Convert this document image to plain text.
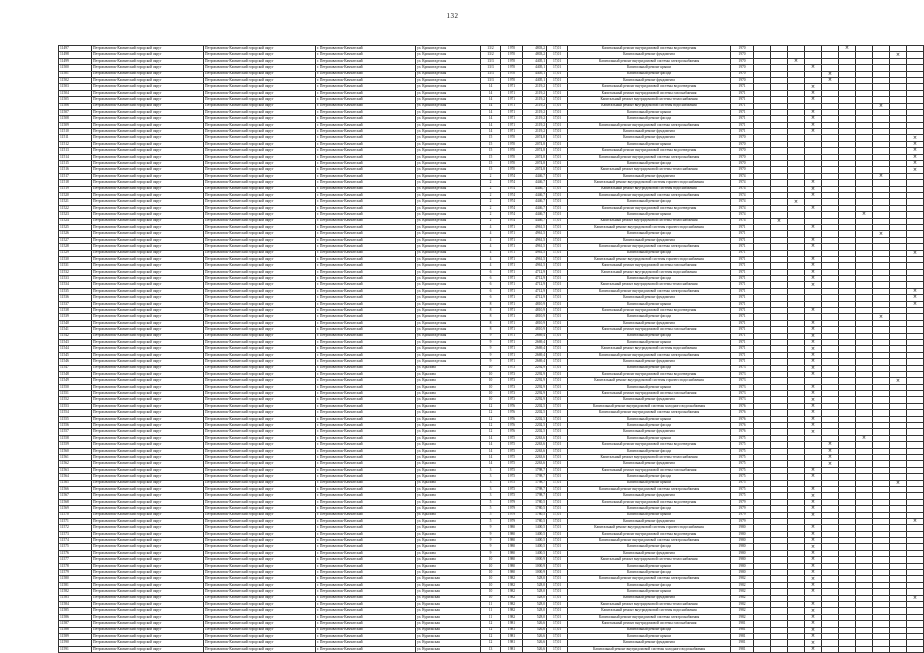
132
11497	Петропавловск-Камчатский городской округ	Петропавловск-Камчатский городской округ	г. Петропавловск-Камчатский	ул. Кронштадтская	13/2	1970	4803,2	17,01	Капитальный ремонт внутридомовой системы водоотведения	1970						×				
11498	Петропавловск-Камчатский городской округ	Петропавловск-Камчатский городской округ	г. Петропавловск-Камчатский	ул. Кронштадтская	13/2	1970	4803,2	17,01	Капитальный ремонт фундамента	1970									×	
11499	Петропавловск-Камчатский городской округ	Петропавловск-Камчатский городской округ	г. Петропавловск-Камчатский	ул. Кронштадтская	13/3	1970	4405,1	17,01	Капитальный ремонт внутридомовой системы электроснабжения	1970			×							
11500	Петропавловск-Камчатский городской округ	Петропавловск-Камчатский городской округ	г. Петропавловск-Камчатский	ул. Кронштадтская	13/3	1970	4405,1	17,01	Капитальный ремонт крыши	1970				×						
11501	Петропавловск-Камчатский городской округ	Петропавловск-Камчатский городской округ	г. Петропавловск-Камчатский	ул. Кронштадтская	13/3	1970	4405,1	17,01	Капитальный ремонт фасада	1970					×					
11502	Петропавловск-Камчатский городской округ	Петропавловск-Камчатский городской округ	г. Петропавловск-Камчатский	ул. Кронштадтская	13/3	1970	4405,1	17,01	Капитальный ремонт фундамента	1970					×					
11503	Петропавловск-Камчатский городской округ	Петропавловск-Камчатский городской округ	г. Петропавловск-Камчатский	ул. Кронштадтская	14	1971	2119,2	17,01	Капитальный ремонт внутридомовой системы водоотведения	1971				×						
11504	Петропавловск-Камчатский городской округ	Петропавловск-Камчатский городской округ	г. Петропавловск-Камчатский	ул. Кронштадтская	14	1971	2119,2	17,01	Капитальный ремонт внутридомовой системы газоснабжения	1971				×						
11505	Петропавловск-Камчатский городской округ	Петропавловск-Камчатский городской округ	г. Петропавловск-Камчатский	ул. Кронштадтская	14	1971	2119,2	17,01	Капитальный ремонт внутридомовой системы теплоснабжения	1971				×						
11506	Петропавловск-Камчатский городской округ	Петропавловск-Камчатский городской округ	г. Петропавловск-Камчатский	ул. Кронштадтская	14	1971	2119,2	17,01	Капитальный ремонт внутридомовой системы водоснабжения	1971								×		
11507	Петропавловск-Камчатский городской округ	Петропавловск-Камчатский городской округ	г. Петропавловск-Камчатский	ул. Кронштадтская	14	1971	2119,2	17,01	Капитальный ремонт крыши	1971				×						
11508	Петропавловск-Камчатский городской округ	Петропавловск-Камчатский городской округ	г. Петропавловск-Камчатский	ул. Кронштадтская	14	1971	2119,2	17,01	Капитальный ремонт фасада	1971				×						
11509	Петропавловск-Камчатский городской округ	Петропавловск-Камчатский городской округ	г. Петропавловск-Камчатский	ул. Кронштадтская	14	1971	2119,2	17,01	Капитальный ремонт внутридомовой системы электроснабжения	1971				×						
11510	Петропавловск-Камчатский городской округ	Петропавловск-Камчатский городской округ	г. Петропавловск-Камчатский	ул. Кронштадтская	14	1971	2119,2	17,01	Капитальный ремонт фундамента	1971				×						
11511	Петропавловск-Камчатский городской округ	Петропавловск-Камчатский городской округ	г. Петропавловск-Камчатский	ул. Кронштадтская	15	1970	2074,8	17,01	Капитальный ремонт фундамента	1970										×
11512	Петропавловск-Камчатский городской округ	Петропавловск-Камчатский городской округ	г. Петропавловск-Камчатский	ул. Кронштадтская	15	1970	2074,8	17,01	Капитальный ремонт крыши	1970										×
11513	Петропавловск-Камчатский городской округ	Петропавловск-Камчатский городской округ	г. Петропавловск-Камчатский	ул. Кронштадтская	15	1970	2074,8	17,01	Капитальный ремонт внутридомовой системы водоотведения	1970										×
11514	Петропавловск-Камчатский городской округ	Петропавловск-Камчатский городской округ	г. Петропавловск-Камчатский	ул. Кронштадтская	15	1970	2074,8	17,01	Капитальный ремонт внутридомовой системы электроснабжения	1970										×
11515	Петропавловск-Камчатский городской округ	Петропавловск-Камчатский городской округ	г. Петропавловск-Камчатский	ул. Кронштадтская	15	1970	2074,8	17,01	Капитальный ремонт фасада	1970										×
11516	Петропавловск-Камчатский городской округ	Петропавловск-Камчатский городской округ	г. Петропавловск-Камчатский	ул. Кронштадтская	15	1970	2074,8	17,01	Капитальный ремонт внутридомовой системы теплоснабжения	1970										×
11517	Петропавловск-Камчатский городской округ	Петропавловск-Камчатский городской округ	г. Петропавловск-Камчатский	ул. Кронштадтская	2	1974	4446,7	17,01	Капитальный ремонт фундамента	1974								×		
11518	Петропавловск-Камчатский городской округ	Петропавловск-Камчатский городской округ	г. Петропавловск-Камчатский	ул. Кронштадтская	2	1974	4446,7	17,01	Капитальный ремонт внутридомовой системы горячего водоснабжения	1974				×						
11519	Петропавловск-Камчатский городской округ	Петропавловск-Камчатский городской округ	г. Петропавловск-Камчатский	ул. Кронштадтская	2	1974	4446,7	17,01	Капитальный ремонт внутридомовой системы водоснабжения	1974				×						
11520	Петропавловск-Камчатский городской округ	Петропавловск-Камчатский городской округ	г. Петропавловск-Камчатский	ул. Кронштадтская	2	1974	4446,7	17,01	Капитальный ремонт внутридомовой системы электроснабжения	1974				×						
11521	Петропавловск-Камчатский городской округ	Петропавловск-Камчатский городской округ	г. Петропавловск-Камчатский	ул. Кронштадтская	2	1974	4446,7	17,01	Капитальный ремонт фасада	1974			×							
11522	Петропавловск-Камчатский городской округ	Петропавловск-Камчатский городской округ	г. Петропавловск-Камчатский	ул. Кронштадтская	2	1974	4446,7	17,01	Капитальный ремонт внутридомовой системы водоотведения	1974				×						
11523	Петропавловск-Камчатский городской округ	Петропавловск-Камчатский городской округ	г. Петропавловск-Камчатский	ул. Кронштадтская	2	1974	4446,7	17,01	Капитальный ремонт крыши	1974							×			
11524	Петропавловск-Камчатский городской округ	Петропавловск-Камчатский городской округ	г. Петропавловск-Камчатский	ул. Кронштадтская	2	1974	4446,7	17,01	Капитальный ремонт внутридомовой системы теплоснабжения	1974		×								
11525	Петропавловск-Камчатский городской округ	Петропавловск-Камчатский городской округ	г. Петропавловск-Камчатский	ул. Кронштадтская	4	1971	4961,5	17,01	Капитальный ремонт внутридомовой системы горячего водоснабжения	1971				×						
11526	Петропавловск-Камчатский городской округ	Петропавловск-Камчатский городской округ	г. Петропавловск-Камчатский	ул. Кронштадтская	4	1971	4961,5	17,01	Капитальный ремонт фасада	1971								×		
11527	Петропавловск-Камчатский городской округ	Петропавловск-Камчатский городской округ	г. Петропавловск-Камчатский	ул. Кронштадтская	4	1971	4961,5	17,01	Капитальный ремонт фундамента	1971				×						
11528	Петропавловск-Камчатский городской округ	Петропавловск-Камчатский городской округ	г. Петропавловск-Камчатский	ул. Кронштадтская	4	1971	4961,5	17,01	Капитальный ремонт внутридомовой системы электроснабжения	1971				×						
11529	Петропавловск-Камчатский городской округ	Петропавловск-Камчатский городской округ	г. Петропавловск-Камчатский	ул. Кронштадтская	4	1971	4961,5	17,01	Капитальный ремонт фасада	1971										×
11530	Петропавловск-Камчатский городской округ	Петропавловск-Камчатский городской округ	г. Петропавловск-Камчатский	ул. Кронштадтская	4	1971	4961,5	17,01	Капитальный ремонт внутридомовой системы горячего водоснабжения	1971				×						
11531	Петропавловск-Камчатский городской округ	Петропавловск-Камчатский городской округ	г. Петропавловск-Камчатский	ул. Кронштадтская	4	1971	4961,5	17,01	Капитальный ремонт внутридомовой системы газоснабжения	1971				×						
11532	Петропавловск-Камчатский городской округ	Петропавловск-Камчатский городской округ	г. Петропавловск-Камчатский	ул. Кронштадтская	6	1971	4712,9	17,01	Капитальный ремонт внутридомовой системы водоснабжения	1971				×						
11533	Петропавловск-Камчатский городской округ	Петропавловск-Камчатский городской округ	г. Петропавловск-Камчатский	ул. Кронштадтская	6	1971	4712,9	17,01	Капитальный ремонт фасада	1971				×						
11534	Петропавловск-Камчатский городской округ	Петропавловск-Камчатский городской округ	г. Петропавловск-Камчатский	ул. Кронштадтская	6	1971	4712,9	17,01	Капитальный ремонт внутридомовой системы теплоснабжения	1971				×						
11535	Петропавловск-Камчатский городской округ	Петропавловск-Камчатский городской округ	г. Петропавловск-Камчатский	ул. Кронштадтская	6	1971	4712,9	17,01	Капитальный ремонт внутридомовой системы электроснабжения	1971										×
11536	Петропавловск-Камчатский городской округ	Петропавловск-Камчатский городской округ	г. Петропавловск-Камчатский	ул. Кронштадтская	6	1971	4712,9	17,01	Капитальный ремонт фундамента	1971										×
11537	Петропавловск-Камчатский городской округ	Петропавловск-Камчатский городской округ	г. Петропавловск-Камчатский	ул. Кронштадтская	8	1971	4810,9	17,01	Капитальный ремонт крыши	1971										×
11538	Петропавловск-Камчатский городской округ	Петропавловск-Камчатский городской округ	г. Петропавловск-Камчатский	ул. Кронштадтская	8	1971	4810,9	17,01	Капитальный ремонт внутридомовой системы водоотведения	1971				×						
11539	Петропавловск-Камчатский городской округ	Петропавловск-Камчатский городской округ	г. Петропавловск-Камчатский	ул. Кронштадтская	8	1971	4810,9	17,01	Капитальный ремонт фасада	1971								×		
11540	Петропавловск-Камчатский городской округ	Петропавловск-Камчатский городской округ	г. Петропавловск-Камчатский	ул. Кронштадтская	8	1971	4810,9	17,01	Капитальный ремонт фундамента	1971				×						
11541	Петропавловск-Камчатский городской округ	Петропавловск-Камчатский городской округ	г. Петропавловск-Камчатский	ул. Кронштадтская	8	1971	4810,9	17,01	Капитальный ремонт внутридомовой системы газоснабжения	1971				×						
11542	Петропавловск-Камчатский городской округ	Петропавловск-Камчатский городской округ	г. Петропавловск-Камчатский	ул. Кронштадтская	9	1971	2669,4	17,01	Капитальный ремонт фасада	1971				×						
11543	Петропавловск-Камчатский городской округ	Петропавловск-Камчатский городской округ	г. Петропавловск-Камчатский	ул. Кронштадтская	9	1971	2669,4	17,01	Капитальный ремонт крыши	1971				×						
11544	Петропавловск-Камчатский городской округ	Петропавловск-Камчатский городской округ	г. Петропавловск-Камчатский	ул. Кронштадтская	9	1971	2669,4	17,01	Капитальный ремонт внутридомовой системы водоснабжения	1971				×						
11545	Петропавловск-Камчатский городской округ	Петропавловск-Камчатский городской округ	г. Петропавловск-Камчатский	ул. Кронштадтская	9	1971	2669,4	17,01	Капитальный ремонт внутридомовой системы электроснабжения	1971				×						
11546	Петропавловск-Камчатский городской округ	Петропавловск-Камчатский городской округ	г. Петропавловск-Камчатский	ул. Кронштадтская	9	1971	2669,4	17,01	Капитальный ремонт фундамента	1971				×						
11547	Петропавловск-Камчатский городской округ	Петропавловск-Камчатский городской округ	г. Петропавловск-Камчатский	ул. Крылова	10	1973	2292,9	17,01	Капитальный ремонт фасада	1973				×						
11548	Петропавловск-Камчатский городской округ	Петропавловск-Камчатский городской округ	г. Петропавловск-Камчатский	ул. Крылова	10	1973	2292,9	17,01	Капитальный ремонт внутридомовой системы водоотведения	1973				×						
11549	Петропавловск-Камчатский городской округ	Петропавловск-Камчатский городской округ	г. Петропавловск-Камчатский	ул. Крылова	10	1973	2292,9	17,01	Капитальный ремонт внутридомовой системы горячего водоснабжения	1973									×	
11550	Петропавловск-Камчатский городской округ	Петропавловск-Камчатский городской округ	г. Петропавловск-Камчатский	ул. Крылова	10	1973	2292,9	17,01	Капитальный ремонт крыши	1973				×						
11551	Петропавловск-Камчатский городской округ	Петропавловск-Камчатский городской округ	г. Петропавловск-Камчатский	ул. Крылова	10	1973	2292,9	17,01	Капитальный ремонт внутридомовой системы газоснабжения	1973				×						
11552	Петропавловск-Камчатский городской округ	Петропавловск-Камчатский городской округ	г. Петропавловск-Камчатский	ул. Крылова	10	1973	2292,9	17,01	Капитальный ремонт фундамента	1973				×						
11553	Петропавловск-Камчатский городской округ	Петропавловск-Камчатский городской округ	г. Петропавловск-Камчатский	ул. Крылова	12	1976	2202,5	17,01	Капитальный ремонт внутридомовой системы холодного водоснабжения	1976				×						
11554	Петропавловск-Камчатский городской округ	Петропавловск-Камчатский городской округ	г. Петропавловск-Камчатский	ул. Крылова	12	1976	2202,5	17,01	Капитальный ремонт внутридомовой системы электроснабжения	1976				×						
11555	Петропавловск-Камчатский городской округ	Петропавловск-Камчатский городской округ	г. Петропавловск-Камчатский	ул. Крылова	12	1976	2202,5	17,01	Капитальный ремонт крыши	1976				×						
11556	Петропавловск-Камчатский городской округ	Петропавловск-Камчатский городской округ	г. Петропавловск-Камчатский	ул. Крылова	12	1976	2202,5	17,01	Капитальный ремонт фасада	1976				×						
11557	Петропавловск-Камчатский городской округ	Петропавловск-Камчатский городской округ	г. Петропавловск-Камчатский	ул. Крылова	12	1976	2202,5	17,01	Капитальный ремонт фундамента	1976				×						
11558	Петропавловск-Камчатский городской округ	Петропавловск-Камчатский городской округ	г. Петропавловск-Камчатский	ул. Крылова	14	1975	2263,6	17,01	Капитальный ремонт крыши	1975							×			
11559	Петропавловск-Камчатский городской округ	Петропавловск-Камчатский городской округ	г. Петропавловск-Камчатский	ул. Крылова	14	1975	2263,6	17,01	Капитальный ремонт внутридомовой системы водоотведения	1975					×					
11560	Петропавловск-Камчатский городской округ	Петропавловск-Камчатский городской округ	г. Петропавловск-Камчатский	ул. Крылова	14	1975	2263,6	17,01	Капитальный ремонт фасада	1975					×					
11561	Петропавловск-Камчатский городской округ	Петропавловск-Камчатский городской округ	г. Петропавловск-Камчатский	ул. Крылова	14	1975	2263,6	17,01	Капитальный ремонт внутридомовой системы теплоснабжения	1975					×					
11562	Петропавловск-Камчатский городской округ	Петропавловск-Камчатский городской округ	г. Петропавловск-Камчатский	ул. Крылова	14	1975	2263,6	17,01	Капитальный ремонт фундамента	1975					×					
11563	Петропавловск-Камчатский городской округ	Петропавловск-Камчатский городской округ	г. Петропавловск-Камчатский	ул. Крылова	3	1975	1798,7	17,01	Капитальный ремонт внутридомовой системы газоснабжения	1975				×						
11564	Петропавловск-Камчатский городской округ	Петропавловск-Камчатский городской округ	г. Петропавловск-Камчатский	ул. Крылова	3	1975	1798,7	17,01	Капитальный ремонт фасада	1975				×						
11565	Петропавловск-Камчатский городской округ	Петропавловск-Камчатский городской округ	г. Петропавловск-Камчатский	ул. Крылова	3	1975	1798,7	17,01	Капитальный ремонт крыши	1975									×	
11566	Петропавловск-Камчатский городской округ	Петропавловск-Камчатский городской округ	г. Петропавловск-Камчатский	ул. Крылова	3	1975	1798,7	17,01	Капитальный ремонт внутридомовой системы электроснабжения	1975				×						
11567	Петропавловск-Камчатский городской округ	Петропавловск-Камчатский городской округ	г. Петропавловск-Камчатский	ул. Крылова	3	1975	1798,7	17,01	Капитальный ремонт фундамента	1975				×						
11568	Петропавловск-Камчатский городской округ	Петропавловск-Камчатский городской округ	г. Петропавловск-Камчатский	ул. Крылова	5	1979	1780,5	17,01	Капитальный ремонт внутридомовой системы водоотведения	1979				×						
11569	Петропавловск-Камчатский городской округ	Петропавловск-Камчатский городской округ	г. Петропавловск-Камчатский	ул. Крылова	5	1979	1780,5	17,01	Капитальный ремонт фасада	1979				×						
11570	Петропавловск-Камчатский городской округ	Петропавловск-Камчатский городской округ	г. Петропавловск-Камчатский	ул. Крылова	5	1979	1780,5	17,01	Капитальный ремонт крыши	1979				×						
11571	Петропавловск-Камчатский городской округ	Петропавловск-Камчатский городской округ	г. Петропавловск-Камчатский	ул. Крылова	5	1979	1780,5	17,01	Капитальный ремонт фундамента	1979										×
11572	Петропавловск-Камчатский городской округ	Петропавловск-Камчатский городской округ	г. Петропавловск-Камчатский	ул. Крылова	9	1980	1400,5	17,01	Капитальный ремонт внутридомовой системы горячего водоснабжения	1980				×						
11573	Петропавловск-Камчатский городской округ	Петропавловск-Камчатский городской округ	г. Петропавловск-Камчатский	ул. Крылова	9	1980	1400,5	17,01	Капитальный ремонт внутридомовой системы водоотведения	1980				×						
11574	Петропавловск-Камчатский городской округ	Петропавловск-Камчатский городской округ	г. Петропавловск-Камчатский	ул. Крылова	9	1980	1400,5	17,01	Капитальный ремонт внутридомовой системы электроснабжения	1980				×						
11575	Петропавловск-Камчатский городской округ	Петропавловск-Камчатский городской округ	г. Петропавловск-Камчатский	ул. Крылова	9	1980	1400,5	17,01	Капитальный ремонт фасада	1980				×						
11576	Петропавловск-Камчатский городской округ	Петропавловск-Камчатский городской округ	г. Петропавловск-Камчатский	ул. Крылова	9	1980	1400,5	17,01	Капитальный ремонт фундамента	1980				×						
11577	Петропавловск-Камчатский городской округ	Петропавловск-Камчатский городской округ	г. Петропавловск-Камчатский	ул. Крылова	10	1980	1000,9	17,01	Капитальный ремонт внутридомовой системы теплоснабжения	1980				×						
11578	Петропавловск-Камчатский городской округ	Петропавловск-Камчатский городской округ	г. Петропавловск-Камчатский	ул. Крылова	10	1980	1000,9	17,01	Капитальный ремонт крыши	1980				×						
11579	Петропавловск-Камчатский городской округ	Петропавловск-Камчатский городской округ	г. Петропавловск-Камчатский	ул. Крылова	10	1980	1000,9	17,01	Капитальный ремонт фасада	1980				×						
11580	Петропавловск-Камчатский городской округ	Петропавловск-Камчатский городской округ	г. Петропавловск-Камчатский	ул. Курильская	10	1982	528,0	17,01	Капитальный ремонт внутридомовой системы электроснабжения	1982				×						
11581	Петропавловск-Камчатский городской округ	Петропавловск-Камчатский городской округ	г. Петропавловск-Камчатский	ул. Курильская	10	1982	528,0	17,01	Капитальный ремонт фасада	1982				×						
11582	Петропавловск-Камчатский городской округ	Петропавловск-Камчатский городской округ	г. Петропавловск-Камчатский	ул. Курильская	10	1982	528,0	17,01	Капитальный ремонт крыши	1982				×						
11583	Петропавловск-Камчатский городской округ	Петропавловск-Камчатский городской округ	г. Петропавловск-Камчатский	ул. Курильская	10	1982	528,0	17,01	Капитальный ремонт фундамента	1982										×
11584	Петропавловск-Камчатский городской округ	Петропавловск-Камчатский городской округ	г. Петропавловск-Камчатский	ул. Курильская	11	1982	528,0	17,01	Капитальный ремонт внутридомовой системы теплоснабжения	1982				×						
11585	Петропавловск-Камчатский городской округ	Петропавловск-Камчатский городской округ	г. Петропавловск-Камчатский	ул. Курильская	11	1982	528,0	17,01	Капитальный ремонт внутридомовой системы водоснабжения	1982				×						
11586	Петропавловск-Камчатский городской округ	Петропавловск-Камчатский городской округ	г. Петропавловск-Камчатский	ул. Курильская	11	1982	528,0	17,01	Капитальный ремонт внутридомовой системы электроснабжения	1982				×						
11587	Петропавловск-Камчатский городской округ	Петропавловск-Камчатский городской округ	г. Петропавловск-Камчатский	ул. Курильская	12	1981	526,6	17,01	Капитальный ремонт внутридомовой системы газоснабжения	1981				×						
11588	Петропавловск-Камчатский городской округ	Петропавловск-Камчатский городской округ	г. Петропавловск-Камчатский	ул. Курильская	12	1981	526,6	17,01	Капитальный ремонт фасада	1981				×						
11589	Петропавловск-Камчатский городской округ	Петропавловск-Камчатский городской округ	г. Петропавловск-Камчатский	ул. Курильская	12	1981	526,6	17,01	Капитальный ремонт крыши	1981				×						
11590	Петропавловск-Камчатский городской округ	Петропавловск-Камчатский городской округ	г. Петропавловск-Камчатский	ул. Курильская	12	1981	526,6	17,01	Капитальный ремонт фундамента	1981				×						
11591	Петропавловск-Камчатский городской округ	Петропавловск-Камчатский городской округ	г. Петропавловск-Камчатский	ул. Курильская	13	1981	526,6	17,01	Капитальный ремонт внутридомовой системы холодного водоснабжения	1981				×						
